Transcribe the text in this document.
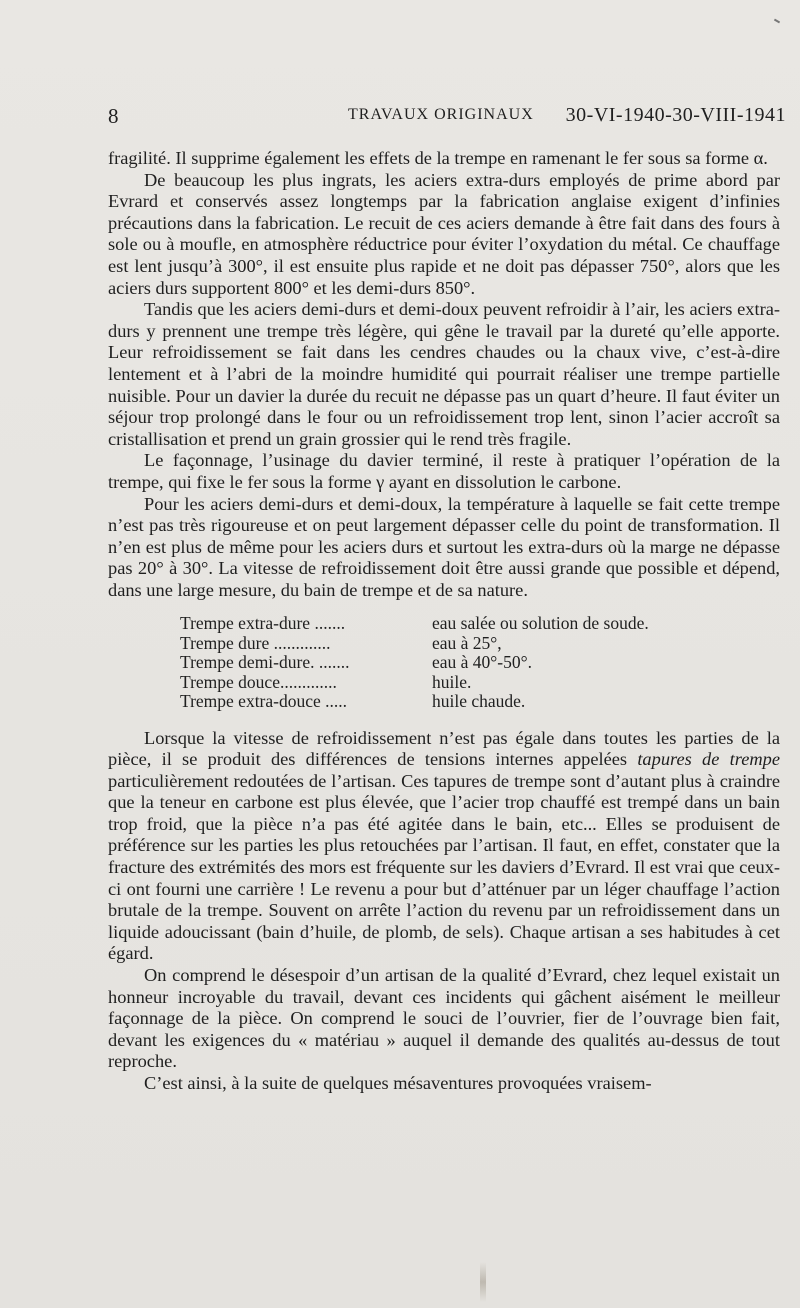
8	TRAVAUX ORIGINAUX 30-VI-1940-30-VIII-1941

fragilité. Il supprime également les effets de la trempe en ramenant le fer sous sa forme α.

De beaucoup les plus ingrats, les aciers extra-durs employés de prime abord par Evrard et conservés assez longtemps par la fabrication anglaise exigent d’infinies précautions dans la fabrication. Le recuit de ces aciers demande à être fait dans des fours à sole ou à moufle, en atmosphère réductrice pour éviter l’oxydation du métal. Ce chauffage est lent jusqu’à 300°, il est ensuite plus rapide et ne doit pas dépasser 750°, alors que les aciers durs supportent 800° et les demi-durs 850°.

Tandis que les aciers demi-durs et demi-doux peuvent refroidir à l’air, les aciers extra-durs y prennent une trempe très légère, qui gêne le travail par la dureté qu’elle apporte. Leur refroidissement se fait dans les cendres chaudes ou la chaux vive, c’est-à-dire lentement et à l’abri de la moindre humidité qui pourrait réaliser une trempe partielle nuisible. Pour un davier la durée du recuit ne dépasse pas un quart d’heure. Il faut éviter un séjour trop prolongé dans le four ou un refroidissement trop lent, sinon l’acier accroît sa cristallisation et prend un grain grossier qui le rend très fragile.

Le façonnage, l’usinage du davier terminé, il reste à pratiquer l’opération de la trempe, qui fixe le fer sous la forme γ ayant en dissolution le carbone.

Pour les aciers demi-durs et demi-doux, la température à laquelle se fait cette trempe n’est pas très rigoureuse et on peut largement dépasser celle du point de transformation. Il n’en est plus de même pour les aciers durs et surtout les extra-durs où la marge ne dépasse pas 20° à 30°. La vitesse de refroidissement doit être aussi grande que possible et dépend, dans une large mesure, du bain de trempe et de sa nature.

Trempe extra-dure .......	eau salée ou solution de soude.
Trempe dure .............	eau à 25°,
Trempe demi-dure. .......	eau à 40°-50°.
Trempe douce.............	huile.
Trempe extra-douce .....	huile chaude.

Lorsque la vitesse de refroidissement n’est pas égale dans toutes les parties de la pièce, il se produit des différences de tensions internes appelées tapures de trempe particulièrement redoutées de l’artisan. Ces tapures de trempe sont d’autant plus à craindre que la teneur en carbone est plus élevée, que l’acier trop chauffé est trempé dans un bain trop froid, que la pièce n’a pas été agitée dans le bain, etc... Elles se produisent de préférence sur les parties les plus retouchées par l’artisan. Il faut, en effet, constater que la fracture des extrémités des mors est fréquente sur les daviers d’Evrard. Il est vrai que ceux-ci ont fourni une carrière ! Le revenu a pour but d’atténuer par un léger chauffage l’action brutale de la trempe. Souvent on arrête l’action du revenu par un refroidissement dans un liquide adoucissant (bain d’huile, de plomb, de sels). Chaque artisan a ses habitudes à cet égard.

On comprend le désespoir d’un artisan de la qualité d’Evrard, chez lequel existait un honneur incroyable du travail, devant ces incidents qui gâchent aisément le meilleur façonnage de la pièce. On comprend le souci de l’ouvrier, fier de l’ouvrage bien fait, devant les exigences du « matériau » auquel il demande des qualités au-dessus de tout reproche.

C’est ainsi, à la suite de quelques mésaventures provoquées vraisem-
